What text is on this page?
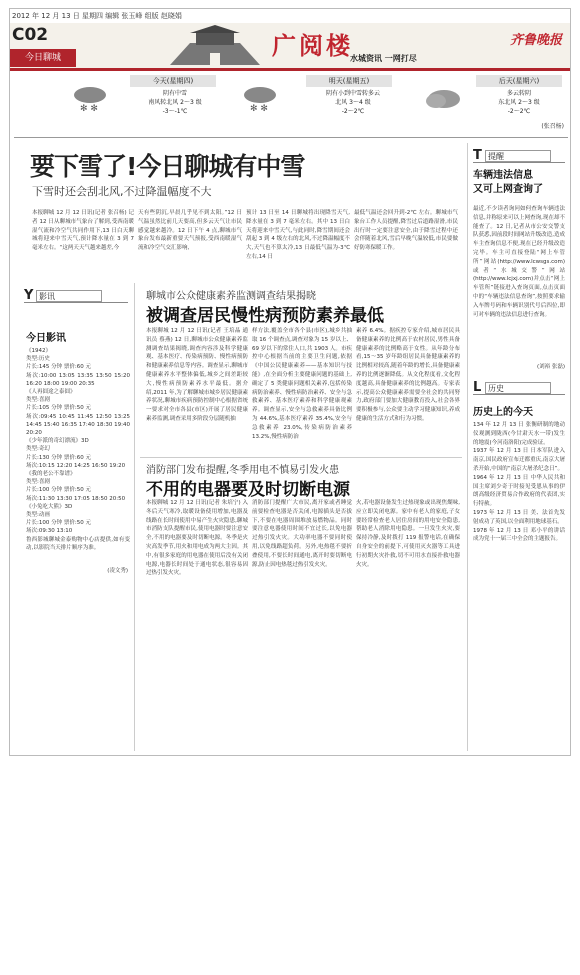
2012 年 12 月 13 日 星期四 编辑 张玉峰 组版 赵晓娟
C02
今日聊城	广阅楼
水城资讯 一网打尽
齐鲁晚报
✻ ✻
今天(星期四)
阴有中雪
南风转北风 2～3 级
-3～-1℃	✻ ✻
明天(星期五)
阴有小到中雪转多云
北风 3～4 级
-2～2℃
后天(星期六)
多云转阴
东北风 2～3 级
-2～2℃
(张召杨)
要下雪了!今日聊城有中雪
下雪时还会刮北风,不过降温幅度不大
本报聊城 12 月 12 日讯(记者 张召杨) 记者 12 日从聊城市气象台了解到,受西南暖湿气流和冷空气共同作用下,13 日白天聊城将迎来中雪天气,预计降水量在 3 到 7 毫米左右。“这两天天气越来越差,今
天有些阴沉,早晨几乎见不到太阳。”12 日气温虽然比前几天要高,但多云天气让市民感觉越来越冷。12 日下午 4 点,聊城市气象台发布最新重要天气预报,受西南暖湿气流和冷空气交汇影响,
预计 13 日至 14 日聊城将出现降雪天气,降水量在 3 到 7 毫米左右。其中 13 日白天将迎来中雪天气,与此同时,降雪期间还会刮起 3 到 4 级左右的北风,不过降温幅度不大,天气也不算太冷,13 日最低气温为-3℃ 左右,14 日
最低气温还会回升到-2℃ 左右。聊城市气象台工作人员提醒,降雪过后道路湿滑,市民出行时一定要注意安全,由于降雪过程中还会伴随着北风,雪后早晚气温较低,市民要做好防寒保暖工作。
T 提醒
车辆违法信息
又可上网查询了
最近,不少读者询问如何查询车辆违法信息,并称原来可以上网查询,现在却不能查了。12 日,记者从市公安交警支队获悉,因前段时间网站升级改造,造成车主查询信息不便,现在已经升级改造完毕。车主可直接登陆“网上车管所”网站(http://www.lcwsgs.com)或者“水城交警”网站(http://www.lcjxj.com)并点击“网上车管所”链接进入查询页面,点击页面中的“车辆违法信息查询”,按照要求输入车牌号码和车辆识别代号后四位,即可对车辆的违法信息进行查询。
(刘裕 张磊)
L 历史
历史上的今天
134 年 12 月 13 日 张衡研制的地动仪观测到陇西(今甘肃天水一带)发生的地震(今河南洛阳)完成验证。
1937 年 12 月 13 日 日本军队进入南京,国民政府宣布迁都重庆,南京大屠杀开始,中国的“南京大屠杀纪念日”。
1964 年 12 月 13 日 中华人民共和国主席刘少奇于时接见受恩从事的伊朗高级经济贸易合作政府的代表团,实行特赦。
1973 年 12 月 13 日 美、法首先发射成功了英国,以全面利用地球基石。
1978 年 12 月 13 日 邓小平的讲话成为党十一届三中全会的主题报告。
Y 影讯
今日影讯
《1942》
类型:历史
片长:145 分钟 票价:60 元
场次:10:00 13:05 13:35 13:50 15:20 16:20 18:00 19:00 20:35
《人再囧途之泰囧》
类型:喜剧
片长:105 分钟 票价:50 元
场次:09:45 10:45 11:45 12:50 13:25 14:45 15:40 16:35 17:40 18:30 19:40 20:20
《少年派的奇幻漂流》3D
类型:奇幻
片长:130 分钟 票价:60 元
场次:10:15 12:20 14:25 16:50 19:20
《我的老公不靠谱》
类型:喜剧
片长:100 分钟 票价:50 元
场次:11:30 13:30 17:05 18:50 20:50
《小兔吃大熊》3D
类型:动画
片长:100 分钟 票价:50 元
场次:09:30 13:10
鲁西影城聊城金泰购物中心店提供,如有变动,以影院当天排片顺序为准。
(凌文秀)
聊城市公众健康素养监测调查结果揭晓
被调查居民慢性病预防素养最低
本报聊城 12 月 12 日讯(记者 王培晶 通讯员 蔡燕) 12 日,聊城市公众健康素养监测调查结果揭晓,调查内容涉及科学健康观、基本医疗、传染病预防、慢性病预防和健康素养信息等内容。调查显示,聊城市健康素养水平整体偏低,城乡之间差距较大,慢性病预防素养水平最低。据介绍,2011 年,为了解聊城市城乡居民健康素养状况,聊城市疾病预防控制中心根据省统一要求对全市各县(市区)开展了居民健康素养监测,调查采用多阶段分层随机抽
样方法,覆盖全市各个县(市区),城乡共抽取 16 个调查点,调查对象为 15 岁以上、69 岁以下的常住人口,共 1903 人。市疾控中心根据当前的主要卫生问题,依据《中国公民健康素养——基本知识与技能》,在全面分析主要健康问题的基础上,确定了 5 类健康问题相关素养,包括传染病防治素养、慢性病防治素养、安全与急救素养、基本医疗素养和科学健康观素养。调查显示,安全与急救素养具备比例为 44.6%,基本医疗素养 35.4%,安全与急救素养 23.0%,传染病防治素养 13.2%,慢性病防治
素养 6.4%。据疾控专家介绍,城市居民具备健康素养的比例高于农村居民,男性具备健康素养的比例略高于女性。从年龄分布看,15～35 岁年龄组居民具备健康素养的比例相对较高,随着年龄的增长,具备健康素养的比例逐渐降低。从文化程度看,文化程度越高,具备健康素养的比例越高。专家表示,提高公众健康素养需要全社会的共同努力,政府部门要加大健康教育投入,社会各界要积极参与,公众要主动学习健康知识,养成健康的生活方式和行为习惯。
消防部门发布提醒,冬季用电不慎易引发火患
不用的电器要及时切断电源
本报聊城 12 月 12 日讯(记者 朱培宁) 入冬后天气寒冷,取暖设备使用增加,电器及线路在长时间使用中易产生火灾隐患,聊城市消防支队提醒市民,使用电器时要注意安全,不用的电器要及时切断电源。冬季是火灾高发季节,用火和用电成为两大主因。其中,有很多家庭的用电器在使用后没有关闭电源,电器长时间处于通电状态,很容易因过热引发火灾。
消防部门提醒广大市民,离开家或者睡觉前要检查电器是否关闭,电源插头是否拔下,不要在电器周围堆放易燃物品。同时要注意电器使用时间不宜过长,以免电器过热引发火灾。大功率电器不要同时使用,以免线路超负荷。另外,电热毯不要折叠使用,不要长时间通电,离开时要切断电源,防止因电热毯过热引发火灾。
火,若电器设备发生过热现象或出现焦煳味,应立即关闭电源。家中有老人的家庭,子女要经常检查老人居住房间的用电安全隐患,帮助老人消除用电隐患。一旦发生火灾,要保持冷静,及时拨打 119 报警电话,在确保自身安全的前提下,可使用灭火器等工具进行初期火灾扑救,切不可用水直接扑救电器火灾。
